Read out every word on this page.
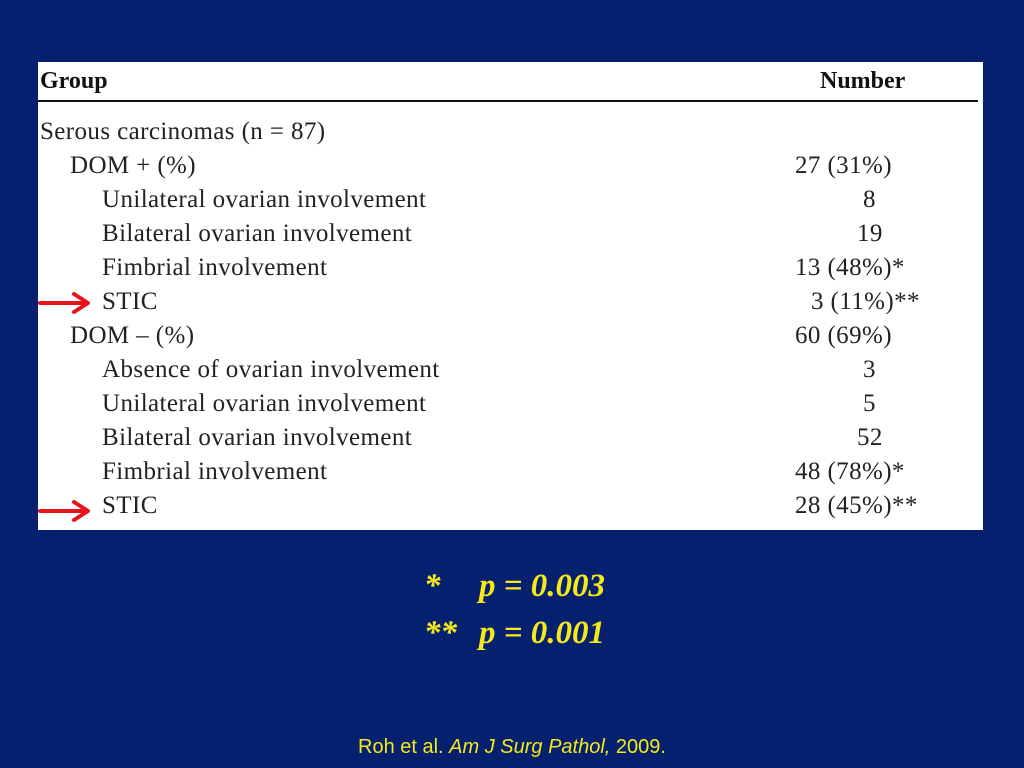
Group	Number
Serous carcinomas (n = 87)
DOM + (%)	27 (31%)
Unilateral ovarian involvement	8
Bilateral ovarian involvement	19
Fimbrial involvement	13 (48%)*
STIC	3 (11%)**
DOM – (%)	60 (69%)
Absence of ovarian involvement	3
Unilateral ovarian involvement	5
Bilateral ovarian involvement	52
Fimbrial involvement	48 (78%)*
STIC	28 (45%)**
* p = 0.003
** p = 0.001
Roh et al. Am J Surg Pathol, 2009.
